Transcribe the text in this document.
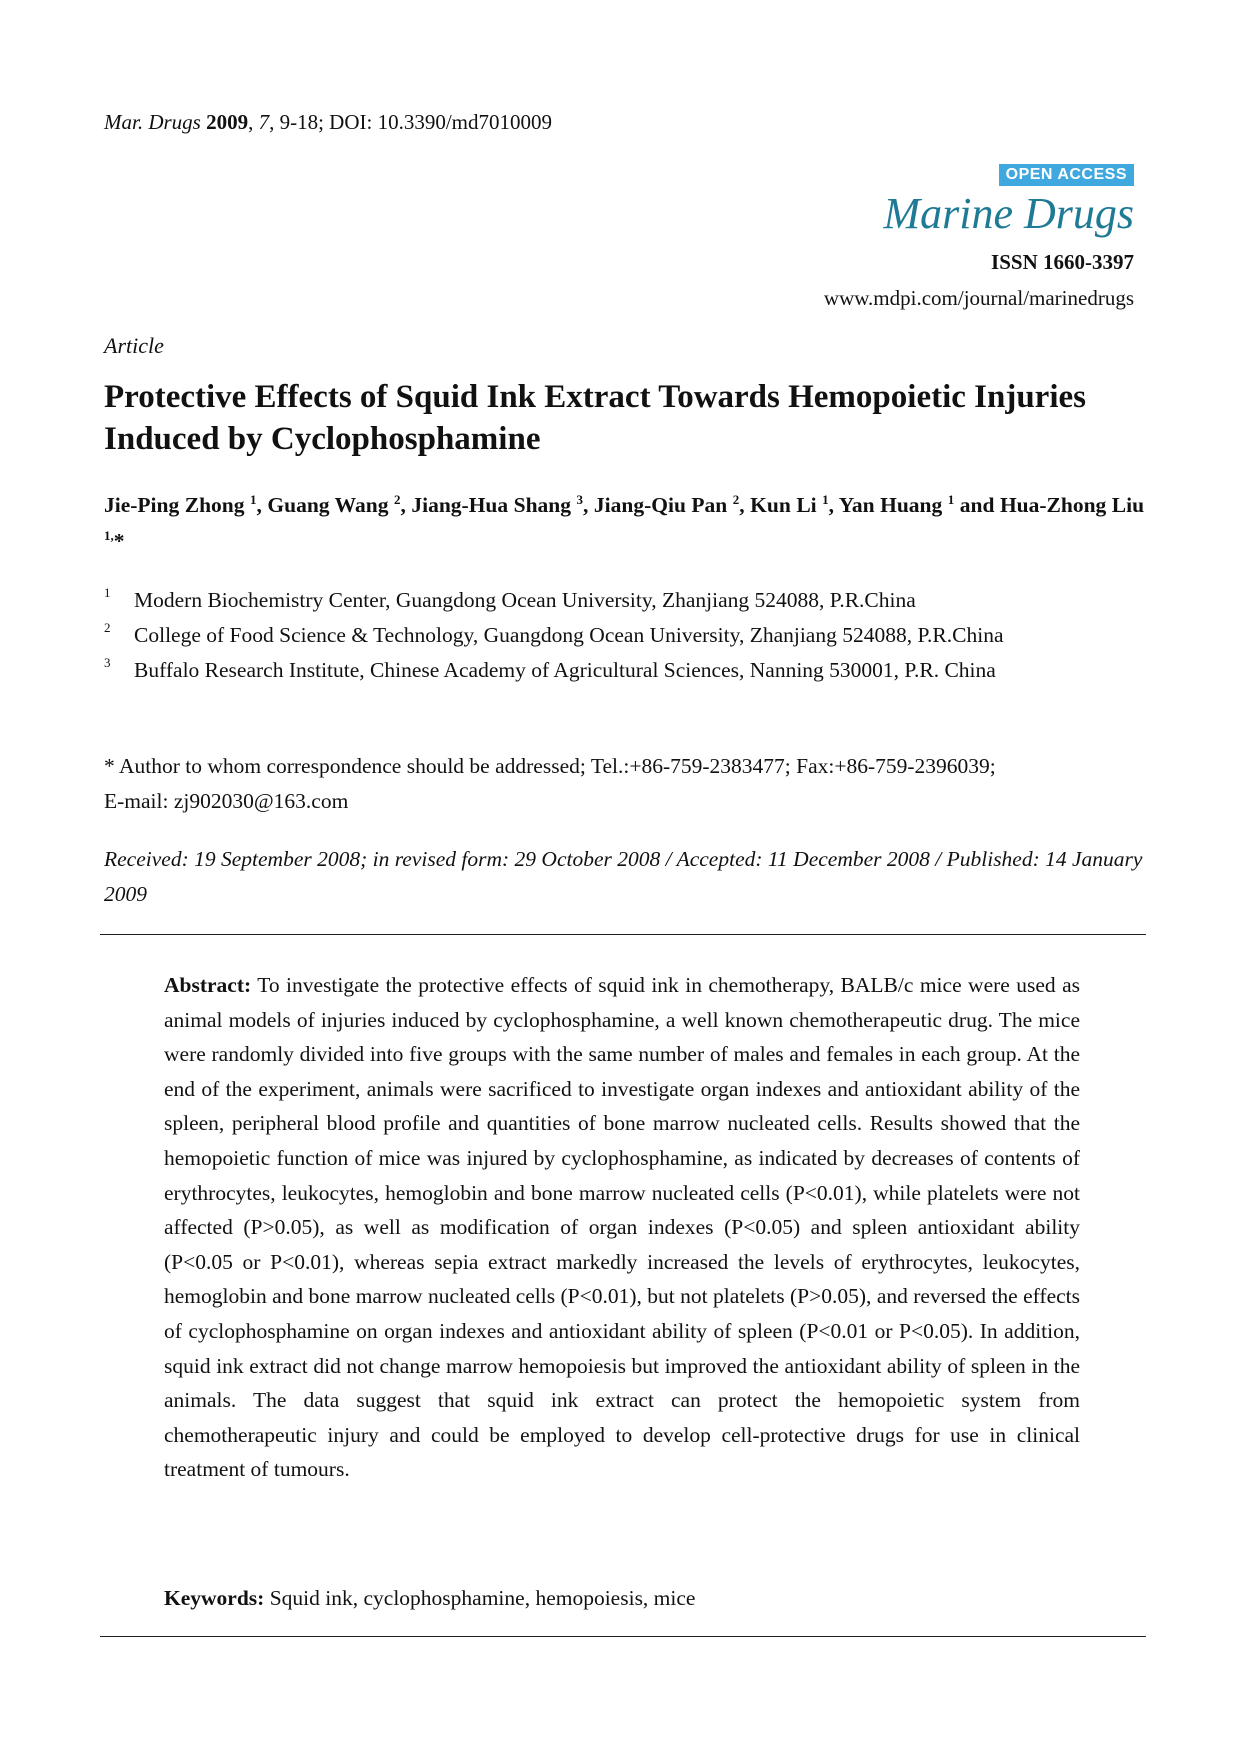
Mar. Drugs 2009, 7, 9-18; DOI: 10.3390/md7010009
OPEN ACCESS
Marine Drugs
ISSN 1660-3397
www.mdpi.com/journal/marinedrugs
Article
Protective Effects of Squid Ink Extract Towards Hemopoietic Injuries Induced by Cyclophosphamine
Jie-Ping Zhong $^1$, Guang Wang $^2$, Jiang-Hua Shang $^3$, Jiang-Qiu Pan $^2$, Kun Li $^1$, Yan Huang $^1$ and Hua-Zhong Liu $^{1,}$*
1 Modern Biochemistry Center, Guangdong Ocean University, Zhanjiang 524088, P.R.China
2 College of Food Science & Technology, Guangdong Ocean University, Zhanjiang 524088, P.R.China
3 Buffalo Research Institute, Chinese Academy of Agricultural Sciences, Nanning 530001, P.R. China
* Author to whom correspondence should be addressed; Tel.:+86-759-2383477; Fax:+86-759-2396039;
E-mail: zj902030@163.com
Received: 19 September 2008; in revised form: 29 October 2008 / Accepted: 11 December 2008 / Published: 14 January 2009
Abstract: To investigate the protective effects of squid ink in chemotherapy, BALB/c mice were used as animal models of injuries induced by cyclophosphamine, a well known chemotherapeutic drug. The mice were randomly divided into five groups with the same number of males and females in each group. At the end of the experiment, animals were sacrificed to investigate organ indexes and antioxidant ability of the spleen, peripheral blood profile and quantities of bone marrow nucleated cells. Results showed that the hemopoietic function of mice was injured by cyclophosphamine, as indicated by decreases of contents of erythrocytes, leukocytes, hemoglobin and bone marrow nucleated cells (P<0.01), while platelets were not affected (P>0.05), as well as modification of organ indexes (P<0.05) and spleen antioxidant ability (P<0.05 or P<0.01), whereas sepia extract markedly increased the levels of erythrocytes, leukocytes, hemoglobin and bone marrow nucleated cells (P<0.01), but not platelets (P>0.05), and reversed the effects of cyclophosphamine on organ indexes and antioxidant ability of spleen (P<0.01 or P<0.05). In addition, squid ink extract did not change marrow hemopoiesis but improved the antioxidant ability of spleen in the animals. The data suggest that squid ink extract can protect the hemopoietic system from chemotherapeutic injury and could be employed to develop cell-protective drugs for use in clinical treatment of tumours.
Keywords: Squid ink, cyclophosphamine, hemopoiesis, mice
